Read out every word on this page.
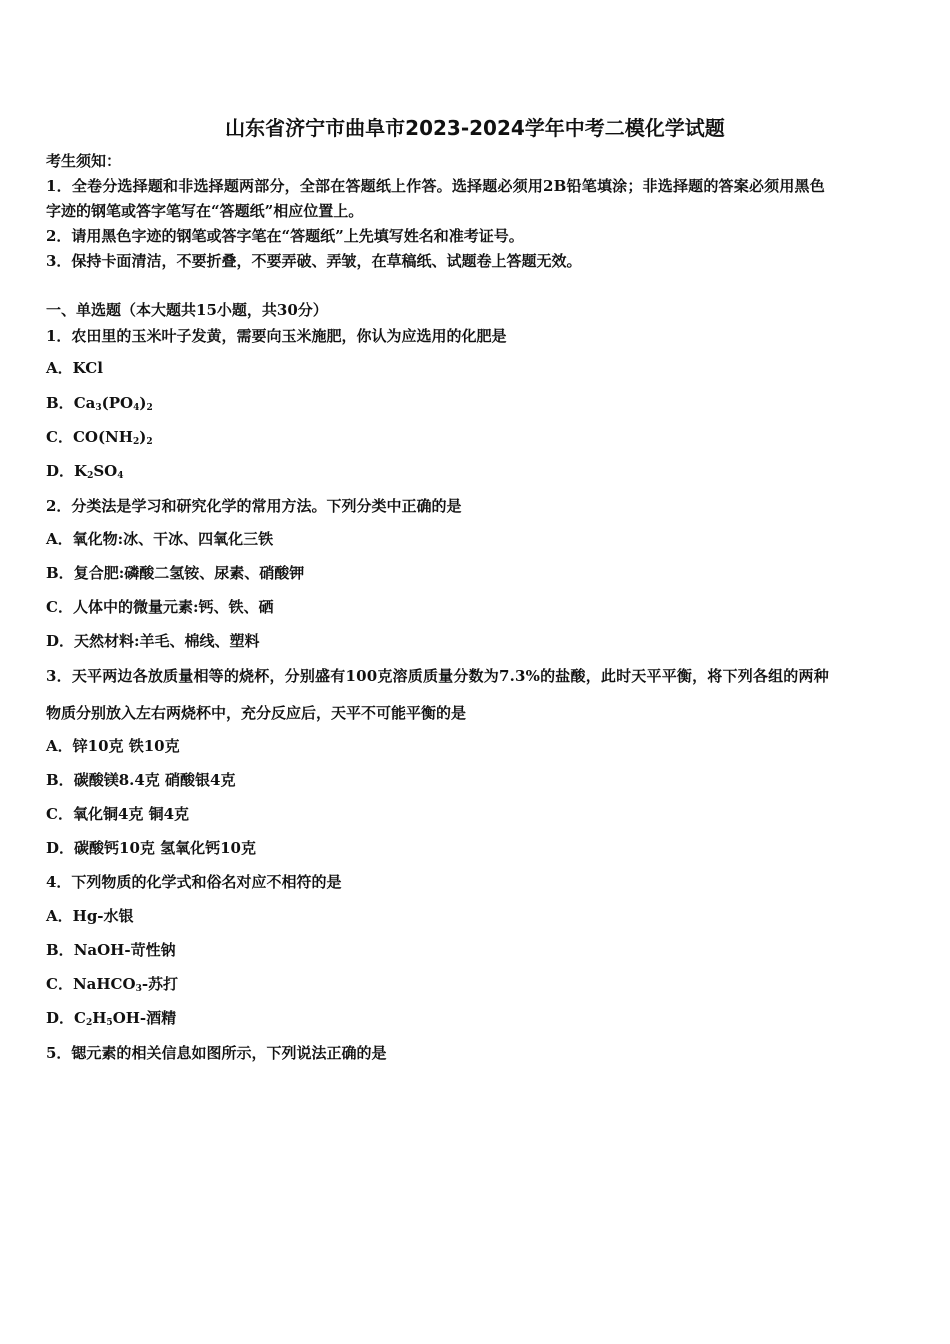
山东省济宁市曲阜市2023-2024学年中考二模化学试题
考生须知：
1．全卷分选择题和非选择题两部分，全部在答题纸上作答。选择题必须用2B铅笔填涂；非选择题的答案必须用黑色
字迹的钢笔或答字笔写在“答题纸”相应位置上。
2．请用黑色字迹的钢笔或答字笔在“答题纸”上先填写姓名和准考证号。
3．保持卡面清洁，不要折叠，不要弄破、弄皱，在草稿纸、试题卷上答题无效。
一、单选题（本大题共15小题，共30分）
1．农田里的玉米叶子发黄，需要向玉米施肥，你认为应选用的化肥是
A．KCl
B．$Ca_3(PO_4)_2$
C．$CO(NH_2)_2$
D．$K_2SO_4$
2．分类法是学习和研究化学的常用方法。下列分类中正确的是
A．氧化物:冰、干冰、四氧化三铁
B．复合肥:磷酸二氢铵、尿素、硝酸钾
C．人体中的微量元素:钙、铁、硒
D．天然材料:羊毛、棉线、塑料
3．天平两边各放质量相等的烧杯，分别盛有100克溶质质量分数为7.3%的盐酸，此时天平平衡，将下列各组的两种
物质分别放入左右两烧杯中，充分反应后，天平不可能平衡的是
A．锌10克 铁10克
B．碳酸镁8.4克 硝酸银4克
C．氧化铜4克 铜4克
D．碳酸钙10克 氢氧化钙10克
4．下列物质的化学式和俗名对应不相符的是
A．Hg-水银
B．NaOH-苛性钠
C．NaHCO$_3$-苏打
D．$C_2H_5OH-$酒精
5．锶元素的相关信息如图所示，下列说法正确的是
